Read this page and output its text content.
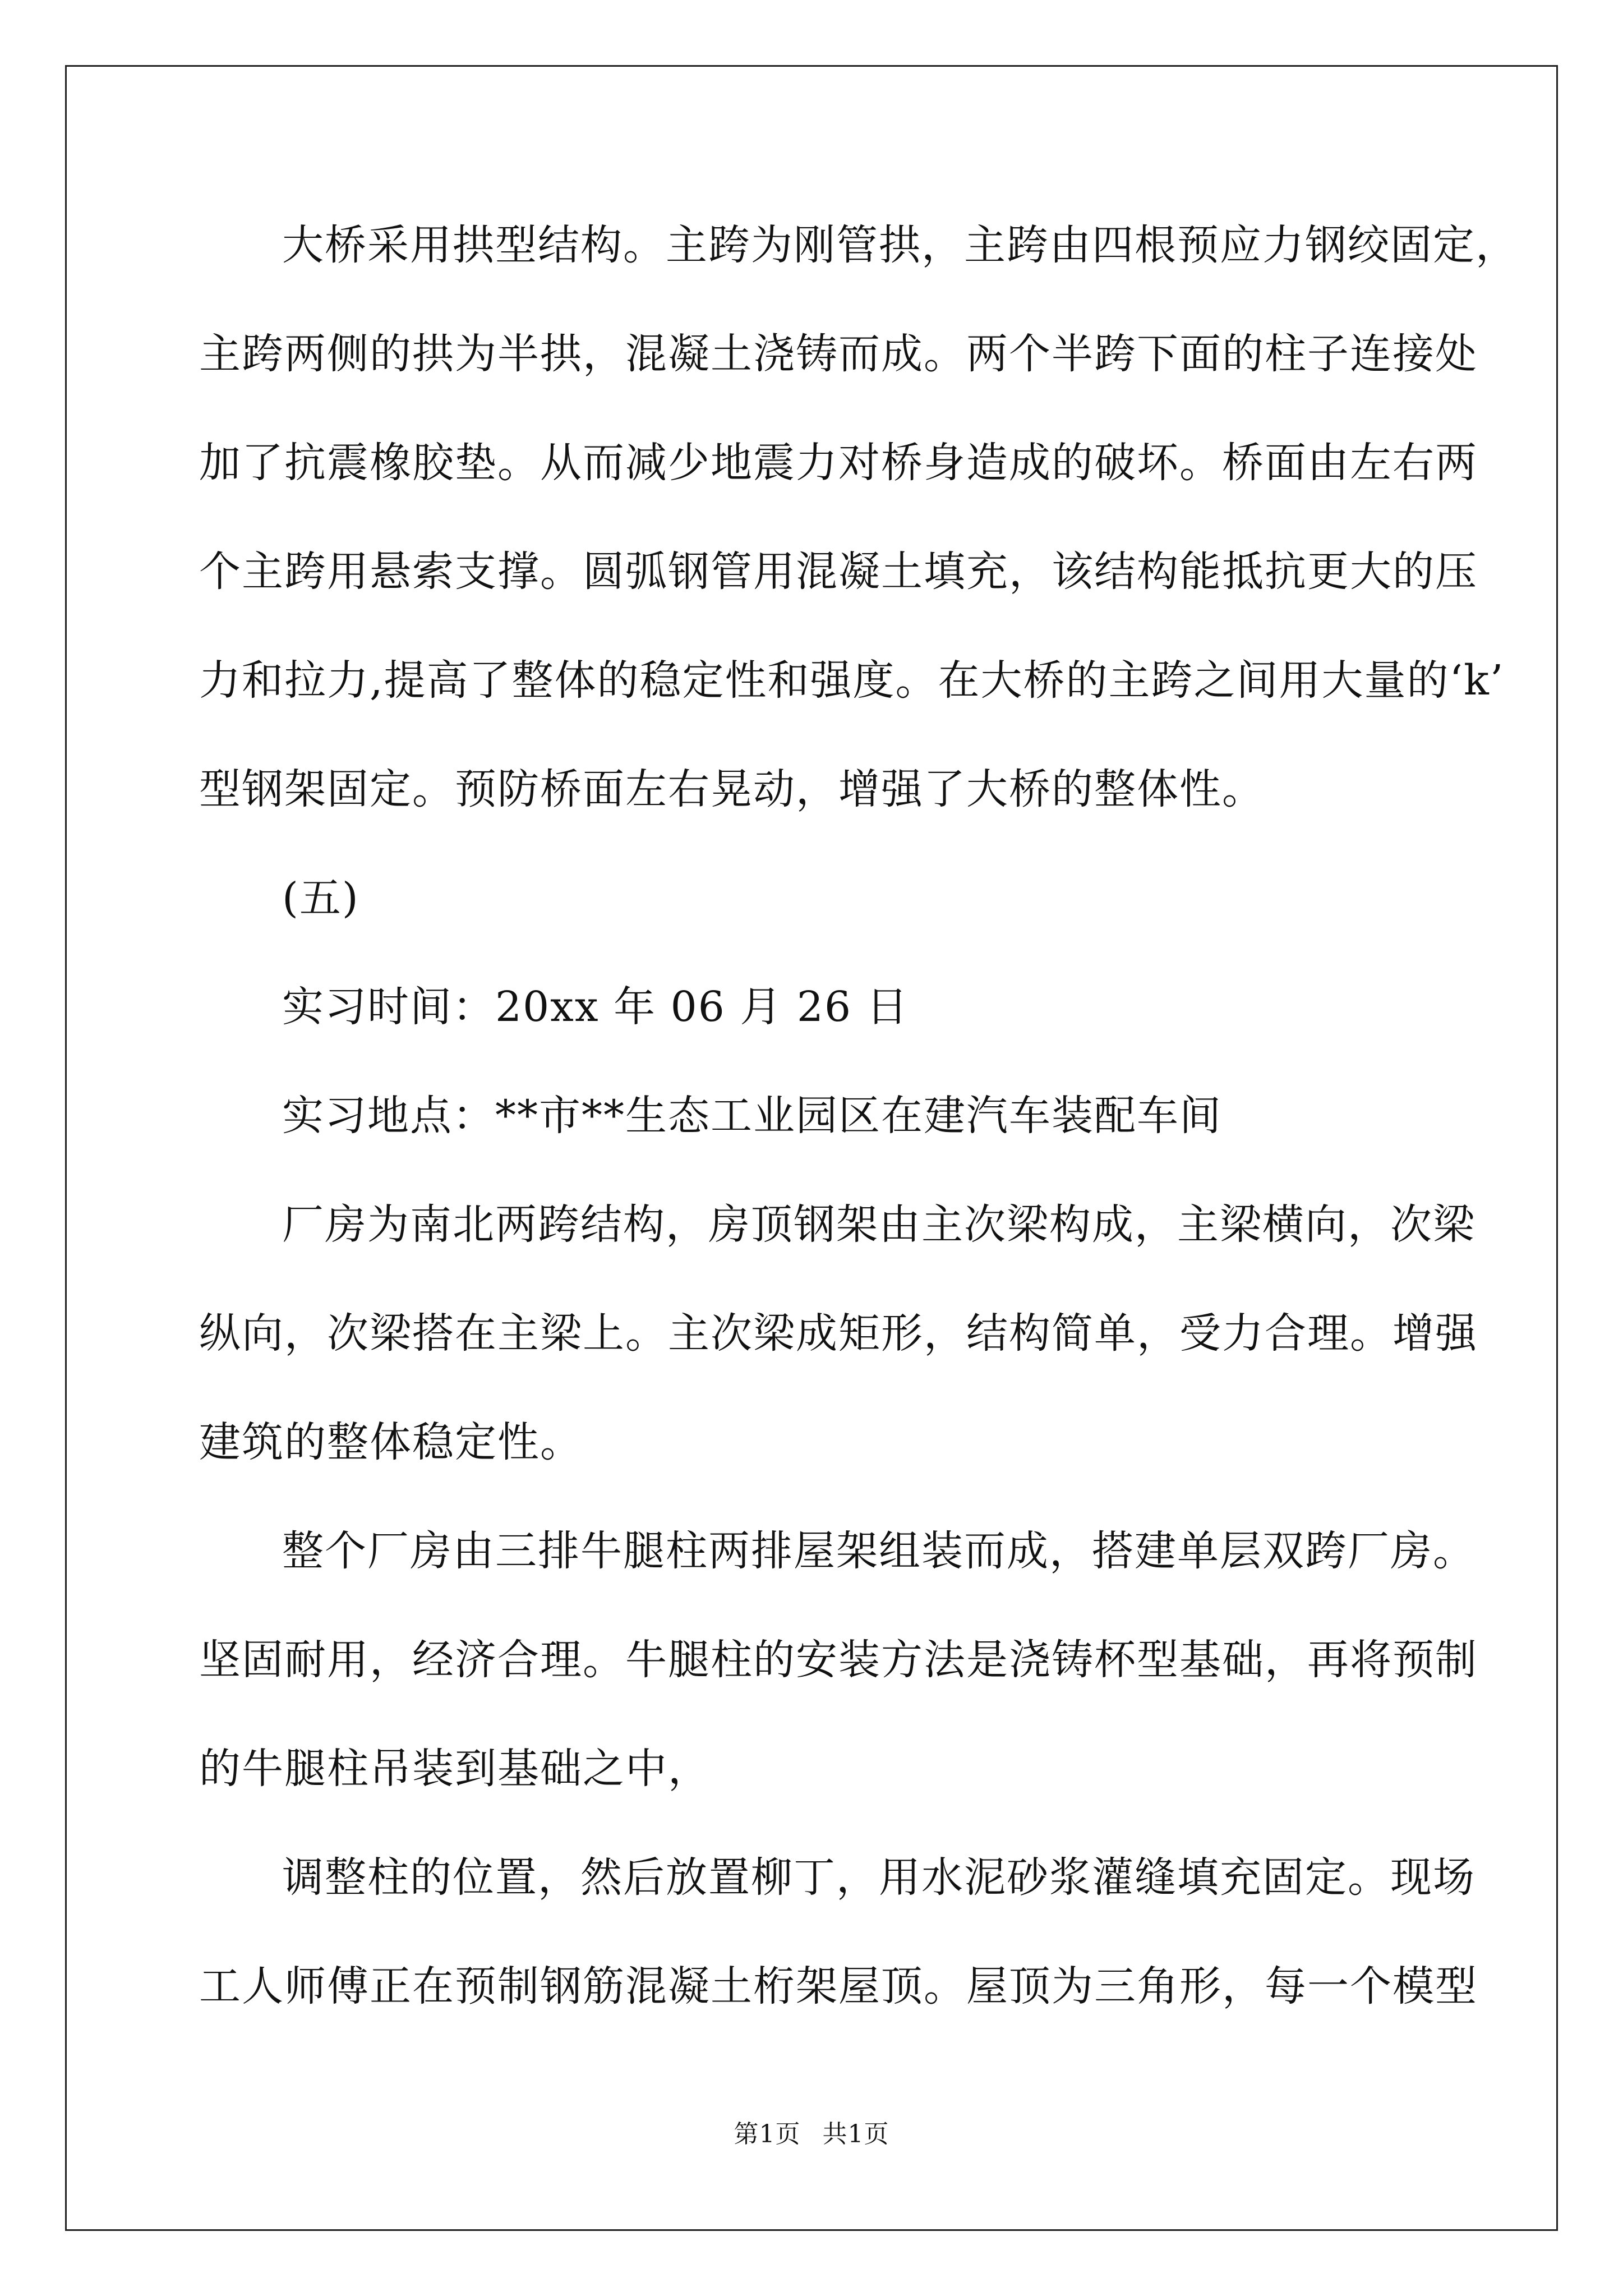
大桥采用拱型结构。主跨为刚管拱，主跨由四根预应力钢绞固定，
主跨两侧的拱为半拱，混凝土浇铸而成。两个半跨下面的柱子连接处
加了抗震橡胶垫。从而减少地震力对桥身造成的破坏。桥面由左右两
个主跨用悬索支撑。圆弧钢管用混凝土填充，该结构能抵抗更大的压
力和拉力,提高了整体的稳定性和强度。在大桥的主跨之间用大量的‘k’
型钢架固定。预防桥面左右晃动，增强了大桥的整体性。

(五)

实习时间：20xx 年 06 月 26 日

实习地点：**市**生态工业园区在建汽车装配车间

厂房为南北两跨结构，房顶钢架由主次梁构成，主梁横向，次梁
纵向，次梁搭在主梁上。主次梁成矩形，结构简单，受力合理。增强
建筑的整体稳定性。

整个厂房由三排牛腿柱两排屋架组装而成，搭建单层双跨厂房。
坚固耐用，经济合理。牛腿柱的安装方法是浇铸杯型基础，再将预制
的牛腿柱吊装到基础之中，

调整柱的位置，然后放置柳丁，用水泥砂浆灌缝填充固定。现场
工人师傅正在预制钢筋混凝土桁架屋顶。屋顶为三角形，每一个模型

第1页 共1页
